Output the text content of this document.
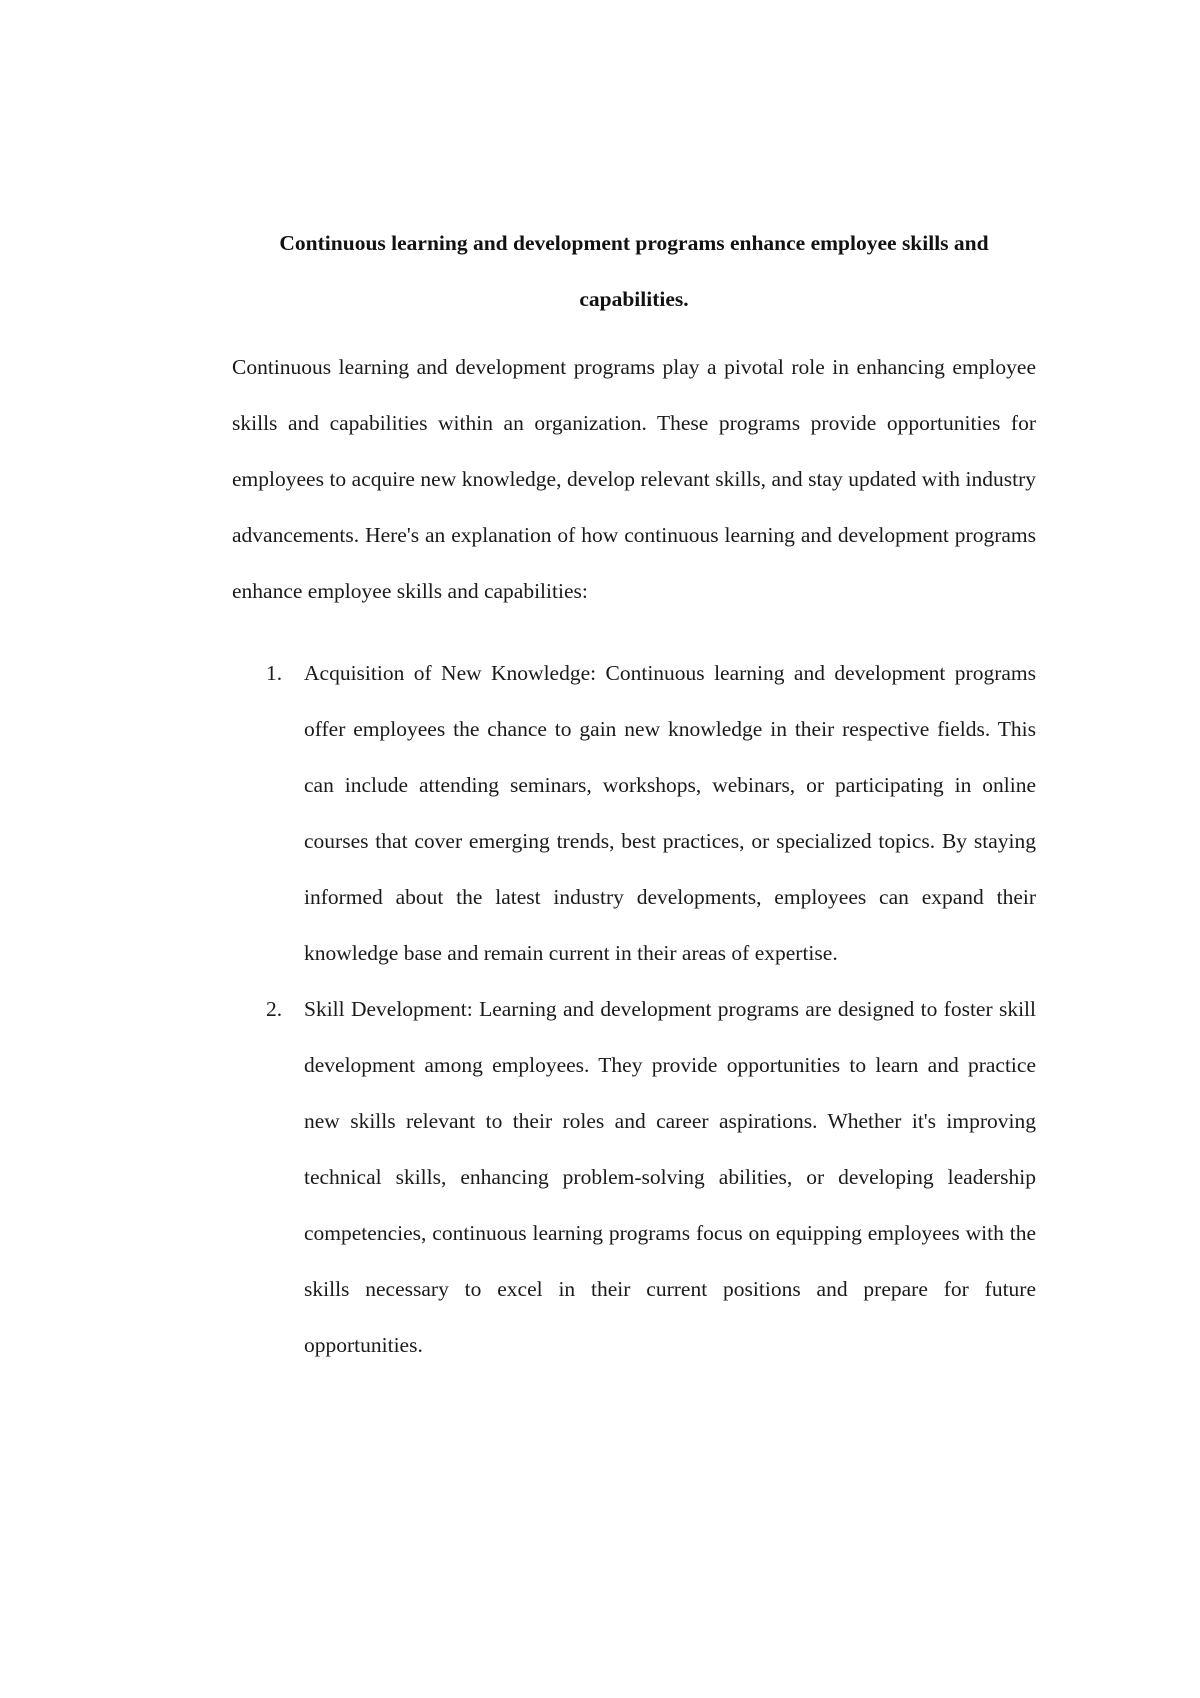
Continuous learning and development programs enhance employee skills and capabilities.

Continuous learning and development programs play a pivotal role in enhancing employee skills and capabilities within an organization. These programs provide opportunities for employees to acquire new knowledge, develop relevant skills, and stay updated with industry advancements. Here's an explanation of how continuous learning and development programs enhance employee skills and capabilities:

1. Acquisition of New Knowledge: Continuous learning and development programs offer employees the chance to gain new knowledge in their respective fields. This can include attending seminars, workshops, webinars, or participating in online courses that cover emerging trends, best practices, or specialized topics. By staying informed about the latest industry developments, employees can expand their knowledge base and remain current in their areas of expertise.
2. Skill Development: Learning and development programs are designed to foster skill development among employees. They provide opportunities to learn and practice new skills relevant to their roles and career aspirations. Whether it's improving technical skills, enhancing problem-solving abilities, or developing leadership competencies, continuous learning programs focus on equipping employees with the skills necessary to excel in their current positions and prepare for future opportunities.
